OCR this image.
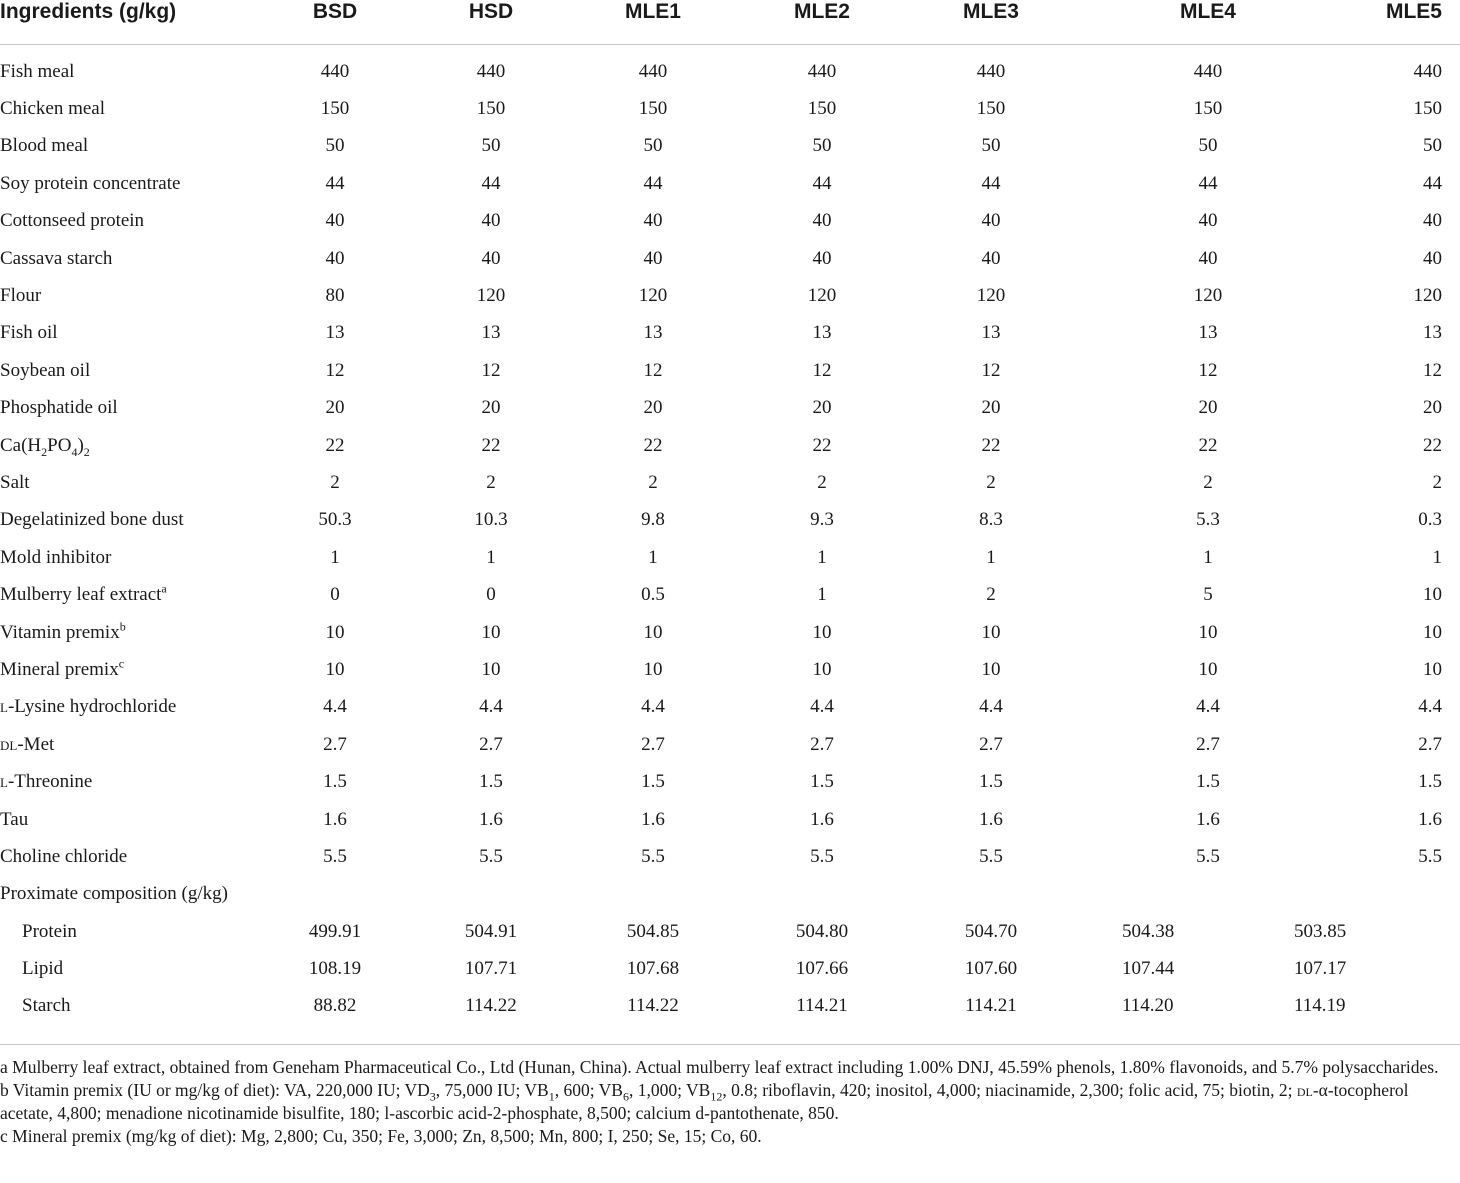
Ingredients (g/kg)	BSD	HSD	MLE1	MLE2	MLE3	MLE4	MLE5
Fish meal	440	440	440	440	440	440	440
Chicken meal	150	150	150	150	150	150	150
Blood meal	50	50	50	50	50	50	50
Soy protein concentrate	44	44	44	44	44	44	44
Cottonseed protein	40	40	40	40	40	40	40
Cassava starch	40	40	40	40	40	40	40
Flour	80	120	120	120	120	120	120
Fish oil	13	13	13	13	13	13	13
Soybean oil	12	12	12	12	12	12	12
Phosphatide oil	20	20	20	20	20	20	20
$Ca(H_2PO_4)_2$	22	22	22	22	22	22	22
Salt	2	2	2	2	2	2	2
Degelatinized bone dust	50.3	10.3	9.8	9.3	8.3	5.3	0.3
Mold inhibitor	1	1	1	1	1	1	1
Mulberry leaf extract$^a$	0	0	0.5	1	2	5	10
Vitamin premix$^b$	10	10	10	10	10	10	10
Mineral premix$^c$	10	10	10	10	10	10	10
l-Lysine hydrochloride	4.4	4.4	4.4	4.4	4.4	4.4	4.4
dl-Met	2.7	2.7	2.7	2.7	2.7	2.7	2.7
l-Threonine	1.5	1.5	1.5	1.5	1.5	1.5	1.5
Tau	1.6	1.6	1.6	1.6	1.6	1.6	1.6
Choline chloride	5.5	5.5	5.5	5.5	5.5	5.5	5.5
Proximate composition (g/kg)
Protein	499.91	504.91	504.85	504.80	504.70	504.38	503.85
Lipid	108.19	107.71	107.68	107.66	107.60	107.44	107.17
Starch	88.82	114.22	114.22	114.21	114.21	114.20	114.19

a Mulberry leaf extract, obtained from Geneham Pharmaceutical Co., Ltd (Hunan, China). Actual mulberry leaf extract including 1.00% DNJ, 45.59% phenols, 1.80% flavonoids, and 5.7% polysaccharides.

b Vitamin premix (IU or mg/kg of diet): VA, 220,000 IU; $VD_3$, 75,000 IU; $VB_1$, 600; $VB_6$, 1,000; $VB_{12}$, 0.8; riboflavin, 420; inositol, 4,000; niacinamide, 2,300; folic acid, 75; biotin, 2; dl-α-tocopherol acetate, 4,800; menadione nicotinamide bisulfite, 180; l-ascorbic acid-2-phosphate, 8,500; calcium d-pantothenate, 850.

c Mineral premix (mg/kg of diet): Mg, 2,800; Cu, 350; Fe, 3,000; Zn, 8,500; Mn, 800; I, 250; Se, 15; Co, 60.
